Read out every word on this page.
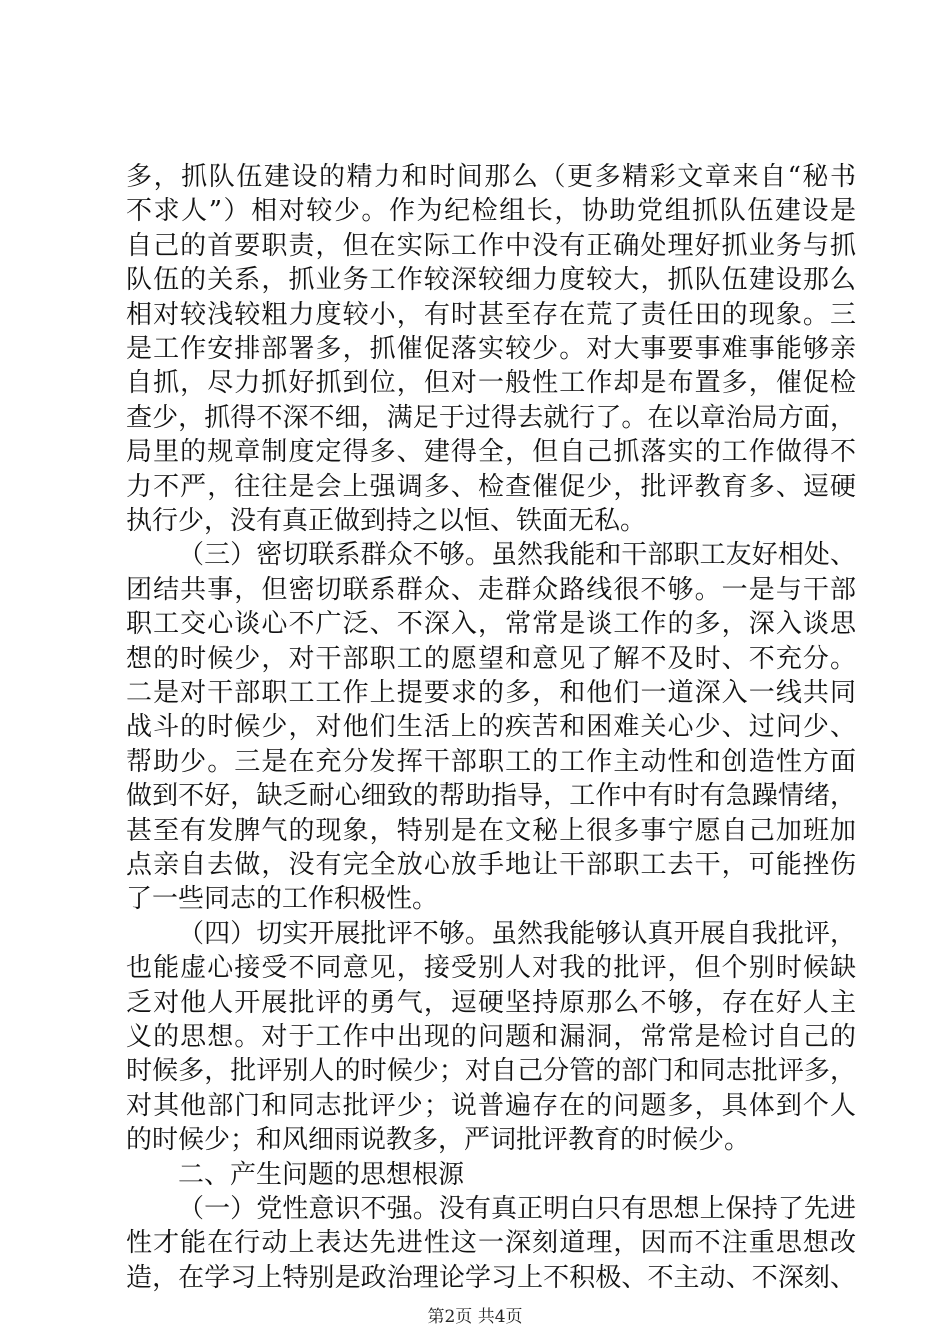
多，抓队伍建设的精力和时间那么（更多精彩文章来自“秘书
不求人”）相对较少。作为纪检组长，协助党组抓队伍建设是
自己的首要职责，但在实际工作中没有正确处理好抓业务与抓
队伍的关系，抓业务工作较深较细力度较大，抓队伍建设那么
相对较浅较粗力度较小，有时甚至存在荒了责任田的现象。三
是工作安排部署多，抓催促落实较少。对大事要事难事能够亲
自抓，尽力抓好抓到位，但对一般性工作却是布置多，催促检
查少，抓得不深不细，满足于过得去就行了。在以章治局方面，
局里的规章制度定得多、建得全，但自己抓落实的工作做得不
力不严，往往是会上强调多、检查催促少，批评教育多、逗硬
执行少，没有真正做到持之以恒、铁面无私。
（三）密切联系群众不够。虽然我能和干部职工友好相处、
团结共事，但密切联系群众、走群众路线很不够。一是与干部
职工交心谈心不广泛、不深入，常常是谈工作的多，深入谈思
想的时候少，对干部职工的愿望和意见了解不及时、不充分。
二是对干部职工工作上提要求的多，和他们一道深入一线共同
战斗的时候少，对他们生活上的疾苦和困难关心少、过问少、
帮助少。三是在充分发挥干部职工的工作主动性和创造性方面
做到不好，缺乏耐心细致的帮助指导，工作中有时有急躁情绪，
甚至有发脾气的现象，特别是在文秘上很多事宁愿自己加班加
点亲自去做，没有完全放心放手地让干部职工去干，可能挫伤
了一些同志的工作积极性。
（四）切实开展批评不够。虽然我能够认真开展自我批评，
也能虚心接受不同意见，接受别人对我的批评，但个别时候缺
乏对他人开展批评的勇气，逗硬坚持原那么不够，存在好人主
义的思想。对于工作中出现的问题和漏洞，常常是检讨自己的
时候多，批评别人的时候少；对自己分管的部门和同志批评多，
对其他部门和同志批评少；说普遍存在的问题多，具体到个人
的时候少；和风细雨说教多，严词批评教育的时候少。
二、产生问题的思想根源
（一）党性意识不强。没有真正明白只有思想上保持了先进
性才能在行动上表达先进性这一深刻道理，因而不注重思想改
造，在学习上特别是政治理论学习上不积极、不主动、不深刻、
第2页 共4页
